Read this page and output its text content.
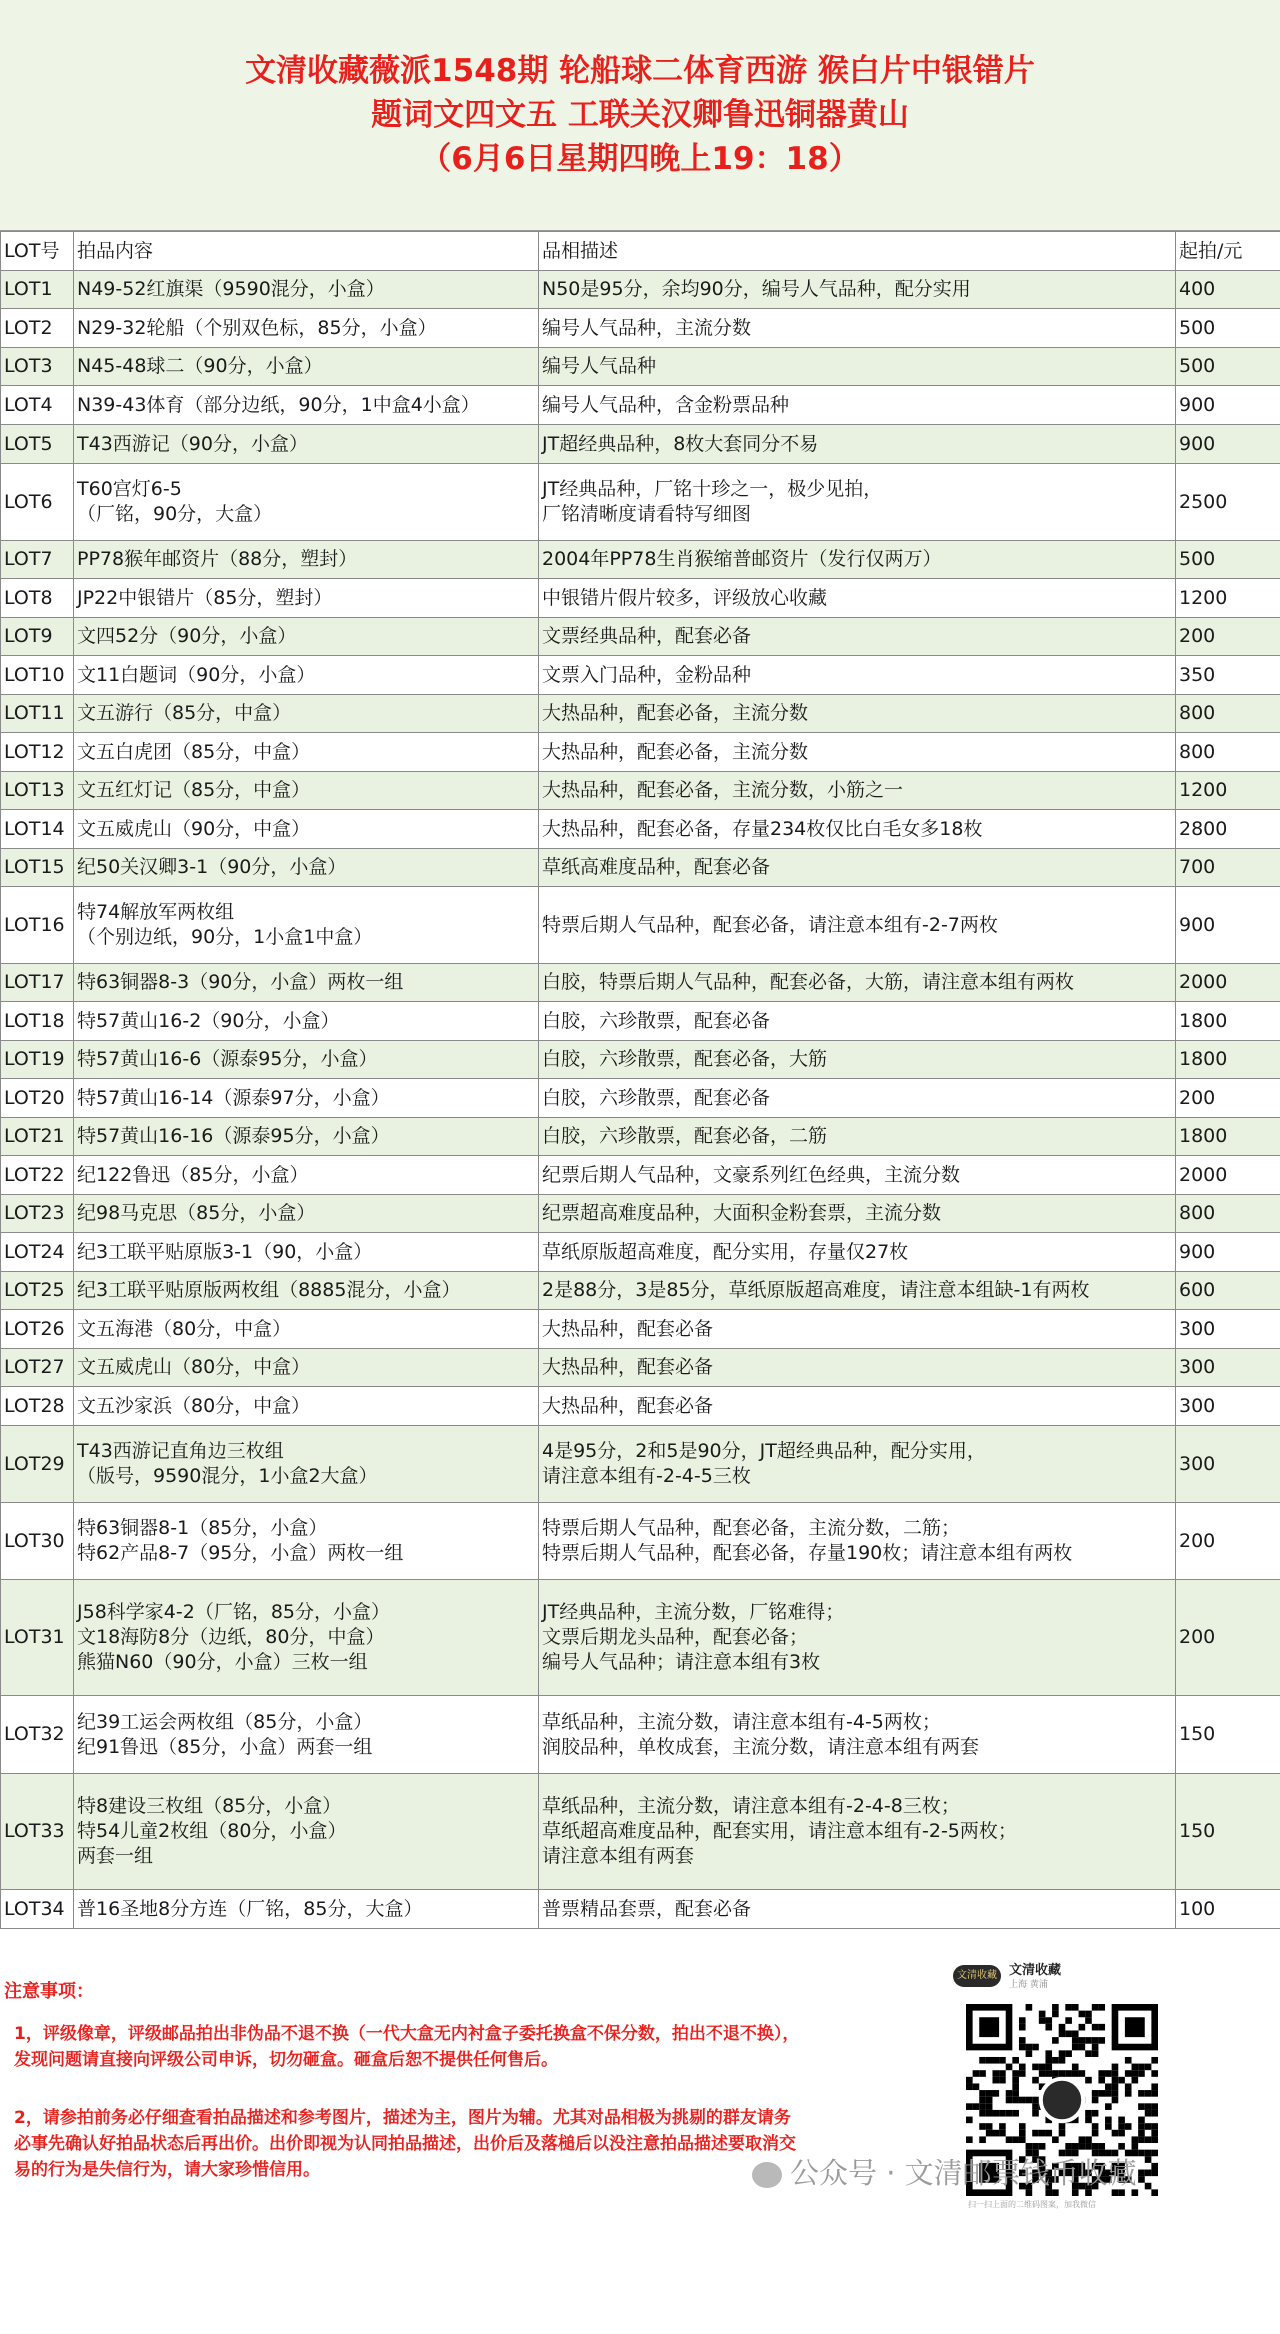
文清收藏薇派1548期 轮船球二体育西游 猴白片中银错片
题词文四文五 工联关汉卿鲁迅铜器黄山
（6月6日星期四晚上19：18）
LOT号	拍品内容	品相描述	起拍/元
LOT1	N49-52红旗渠（9590混分，小盒）	N50是95分，余均90分，编号人气品种，配分实用	400
LOT2	N29-32轮船（个别双色标，85分，小盒）	编号人气品种，主流分数	500
LOT3	N45-48球二（90分，小盒）	编号人气品种	500
LOT4	N39-43体育（部分边纸，90分，1中盒4小盒）	编号人气品种，含金粉票品种	900
LOT5	T43西游记（90分，小盒）	JT超经典品种，8枚大套同分不易	900
LOT6	T60宫灯6-5
（厂铭，90分，大盒）	JT经典品种，厂铭十珍之一，极少见拍，
厂铭清晰度请看特写细图	2500
LOT7	PP78猴年邮资片（88分，塑封）	2004年PP78生肖猴缩普邮资片（发行仅两万）	500
LOT8	JP22中银错片（85分，塑封）	中银错片假片较多，评级放心收藏	1200
LOT9	文四52分（90分，小盒）	文票经典品种，配套必备	200
LOT10	文11白题词（90分，小盒）	文票入门品种，金粉品种	350
LOT11	文五游行（85分，中盒）	大热品种，配套必备，主流分数	800
LOT12	文五白虎团（85分，中盒）	大热品种，配套必备，主流分数	800
LOT13	文五红灯记（85分，中盒）	大热品种，配套必备，主流分数，小筋之一	1200
LOT14	文五威虎山（90分，中盒）	大热品种，配套必备，存量234枚仅比白毛女多18枚	2800
LOT15	纪50关汉卿3-1（90分，小盒）	草纸高难度品种，配套必备	700
LOT16	特74解放军两枚组
（个别边纸，90分，1小盒1中盒）	特票后期人气品种，配套必备，请注意本组有-2-7两枚	900
LOT17	特63铜器8-3（90分，小盒）两枚一组	白胶，特票后期人气品种，配套必备，大筋，请注意本组有两枚	2000
LOT18	特57黄山16-2（90分，小盒）	白胶，六珍散票，配套必备	1800
LOT19	特57黄山16-6（源泰95分，小盒）	白胶，六珍散票，配套必备，大筋	1800
LOT20	特57黄山16-14（源泰97分，小盒）	白胶，六珍散票，配套必备	200
LOT21	特57黄山16-16（源泰95分，小盒）	白胶，六珍散票，配套必备，二筋	1800
LOT22	纪122鲁迅（85分，小盒）	纪票后期人气品种，文豪系列红色经典，主流分数	2000
LOT23	纪98马克思（85分，小盒）	纪票超高难度品种，大面积金粉套票，主流分数	800
LOT24	纪3工联平贴原版3-1（90，小盒）	草纸原版超高难度，配分实用，存量仅27枚	900
LOT25	纪3工联平贴原版两枚组（8885混分，小盒）	2是88分，3是85分，草纸原版超高难度，请注意本组缺-1有两枚	600
LOT26	文五海港（80分，中盒）	大热品种，配套必备	300
LOT27	文五威虎山（80分，中盒）	大热品种，配套必备	300
LOT28	文五沙家浜（80分，中盒）	大热品种，配套必备	300
LOT29	T43西游记直角边三枚组
（版号，9590混分，1小盒2大盒）	4是95分，2和5是90分，JT超经典品种，配分实用，
请注意本组有-2-4-5三枚	300
LOT30	特63铜器8-1（85分，小盒）
特62产品8-7（95分，小盒）两枚一组	特票后期人气品种，配套必备，主流分数，二筋；
特票后期人气品种，配套必备，存量190枚；请注意本组有两枚	200
LOT31	J58科学家4-2（厂铭，85分，小盒）
文18海防8分（边纸，80分，中盒）
熊猫N60（90分，小盒）三枚一组	JT经典品种，主流分数，厂铭难得；
文票后期龙头品种，配套必备；
编号人气品种；请注意本组有3枚	200
LOT32	纪39工运会两枚组（85分，小盒）
纪91鲁迅（85分，小盒）两套一组	草纸品种，主流分数，请注意本组有-4-5两枚；
润胶品种，单枚成套，主流分数，请注意本组有两套	150
LOT33	特8建设三枚组（85分，小盒）
特54儿童2枚组（80分，小盒）
两套一组	草纸品种，主流分数，请注意本组有-2-4-8三枚；
草纸超高难度品种，配套实用，请注意本组有-2-5两枚；
请注意本组有两套	150
LOT34	普16圣地8分方连（厂铭，85分，大盒）	普票精品套票，配套必备	100
注意事项：
1，评级像章，评级邮品拍出非伪品不退不换（一代大盒无内衬盒子委托换盒不保分数，拍出不退不换），发现问题请直接向评级公司申诉，切勿砸盒。砸盒后恕不提供任何售后。
2，请参拍前务必仔细查看拍品描述和参考图片，描述为主，图片为辅。尤其对品相极为挑剔的群友请务必事先确认好拍品状态后再出价。出价即视为认同拍品描述，出价后及落槌后以没注意拍品描述要取消交易的行为是失信行为，请大家珍惜信用。
文清收藏 文清收藏
上海 黄浦
扫一扫上面的二维码图案，加我微信
公众号 · 文清邮票钱币收藏
